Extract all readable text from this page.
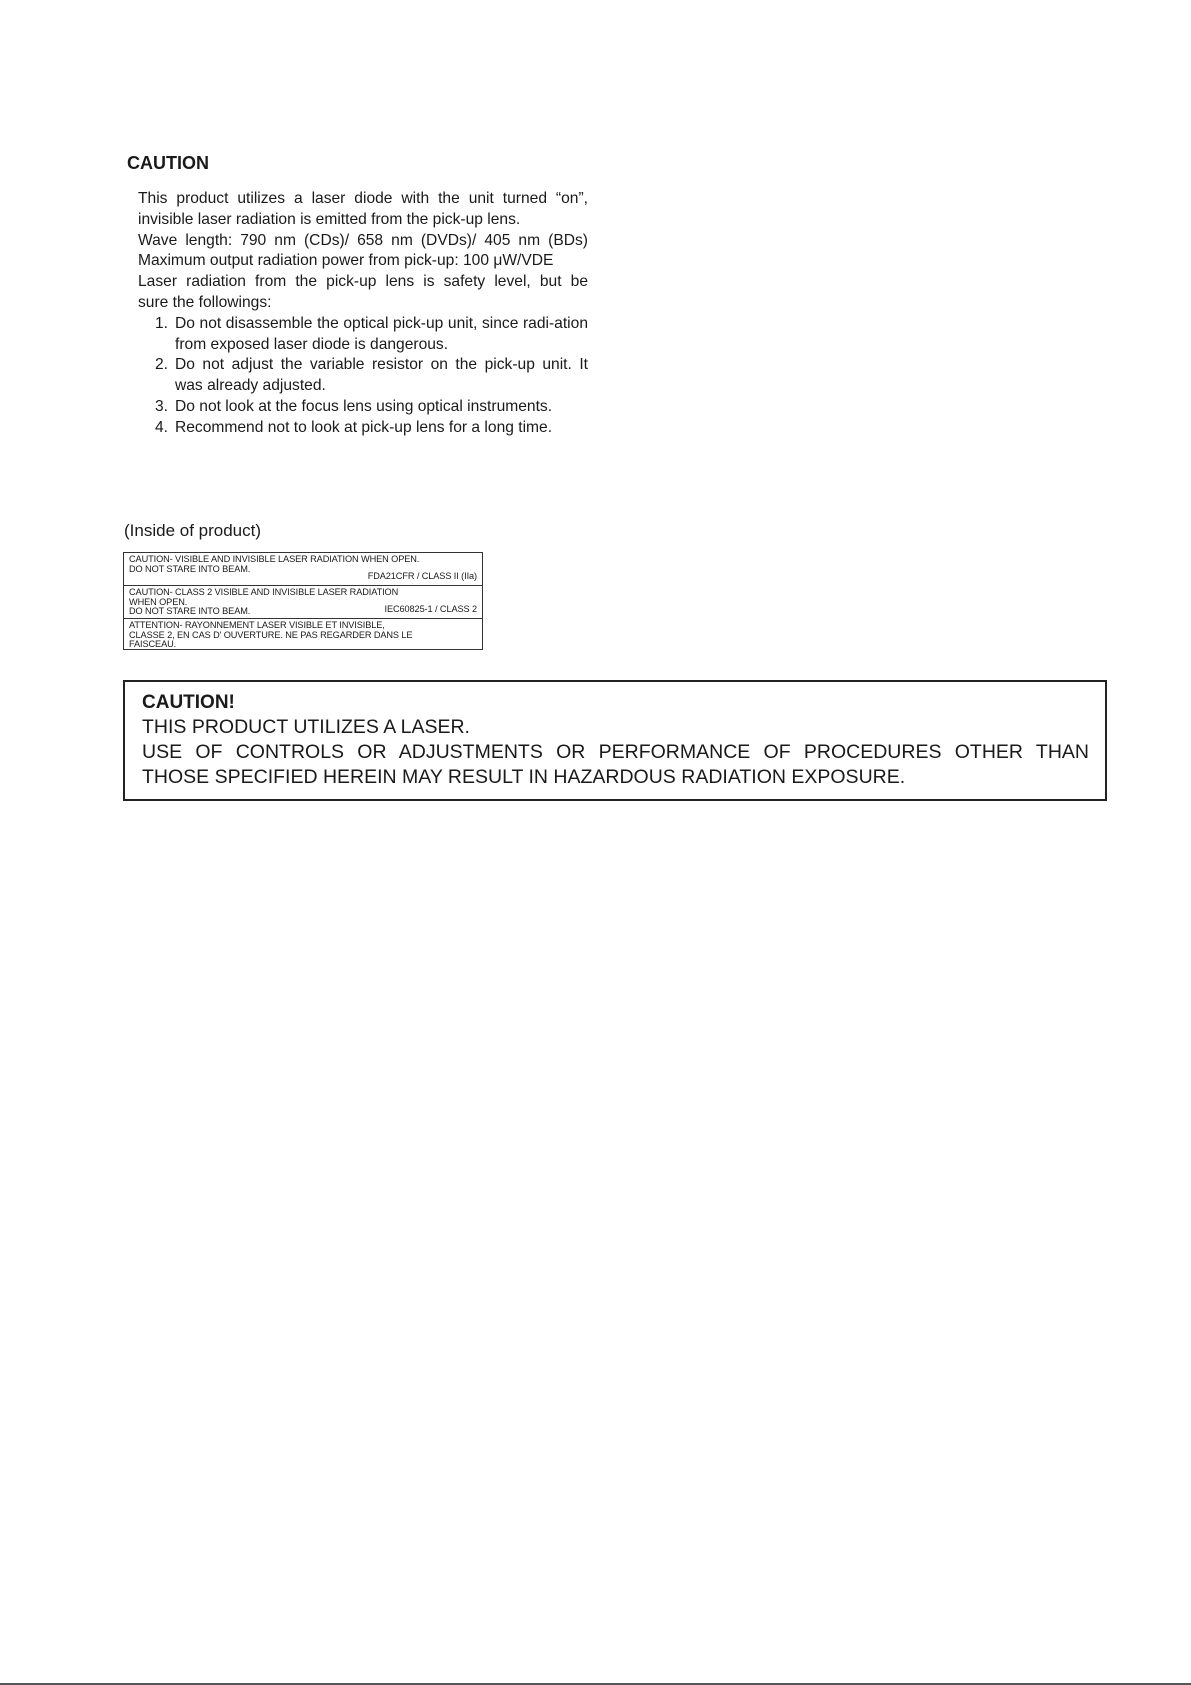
CAUTION

This product utilizes a laser diode with the unit turned “on”,

invisible laser radiation is emitted from the pick-up lens.

Wave length: 790 nm (CDs)/ 658 nm (DVDs)/ 405 nm (BDs)

Maximum output radiation power from pick-up: 100 μW/VDE

Laser radiation from the pick-up lens is safety level, but be

sure the followings:

1. Do not disassemble the optical pick-up unit, since radi-ation from exposed laser diode is dangerous.
2. Do not adjust the variable resistor on the pick-up unit. It was already adjusted.
3. Do not look at the focus lens using optical instruments.
4. Recommend not to look at pick-up lens for a long time.
(Inside of product)
CAUTION- VISIBLE AND INVISIBLE LASER RADIATION WHEN OPEN.
DO NOT STARE INTO BEAM.
FDA21CFR / CLASS II (IIa)
CAUTION- CLASS 2 VISIBLE AND INVISIBLE LASER RADIATION
WHEN OPEN.
DO NOT STARE INTO BEAM.	IEC60825-1 / CLASS 2
ATTENTION- RAYONNEMENT LASER VISIBLE ET INVISIBLE,
CLASSE 2, EN CAS D' OUVERTURE. NE PAS REGARDER DANS LE
FAISCEAU.
CAUTION!
THIS PRODUCT UTILIZES A LASER.
USE OF CONTROLS OR ADJUSTMENTS OR PERFORMANCE OF PROCEDURES OTHER THAN
THOSE SPECIFIED HEREIN MAY RESULT IN HAZARDOUS RADIATION EXPOSURE.
